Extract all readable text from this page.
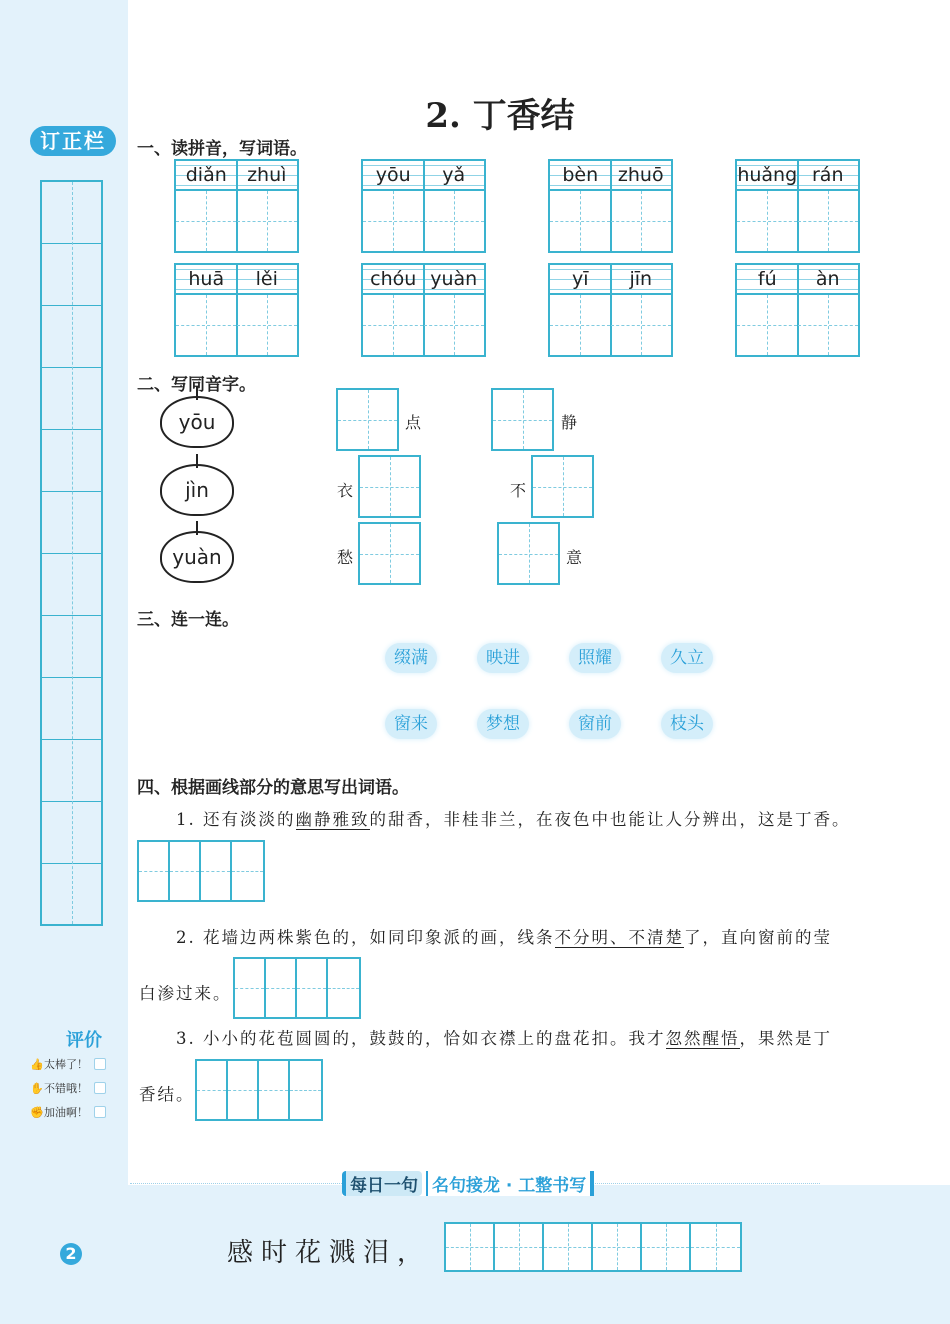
订正栏
评价
👍 太棒了！
✋ 不错哦！
✊ 加油啊！
2
2. 丁香结
一、读拼音，写词语。
diǎn	zhuì	yōu	yǎ	bèn	zhuō	huǎng rán
huā	lěi	chóu yuàn	yī	jīn	fú	àn
二、写同音字。
yōu
jìn
yuàn
点	静
衣	不
愁	意
三、连一连。
缀满	映进	照耀	久立
窗来	梦想	窗前	枝头
四、根据画线部分的意思写出词语。
1. 还有淡淡的幽静雅致的甜香，非桂非兰，在夜色中也能让人分辨出，这是丁香。
2. 花墙边两株紫色的，如同印象派的画，线条不分明、不清楚了，直向窗前的莹
白渗过来。
3. 小小的花苞圆圆的，鼓鼓的，恰如衣襟上的盘花扣。我才忽然醒悟，果然是丁
香结。
每日一句 名句接龙 · 工整书写
感时花溅泪，
